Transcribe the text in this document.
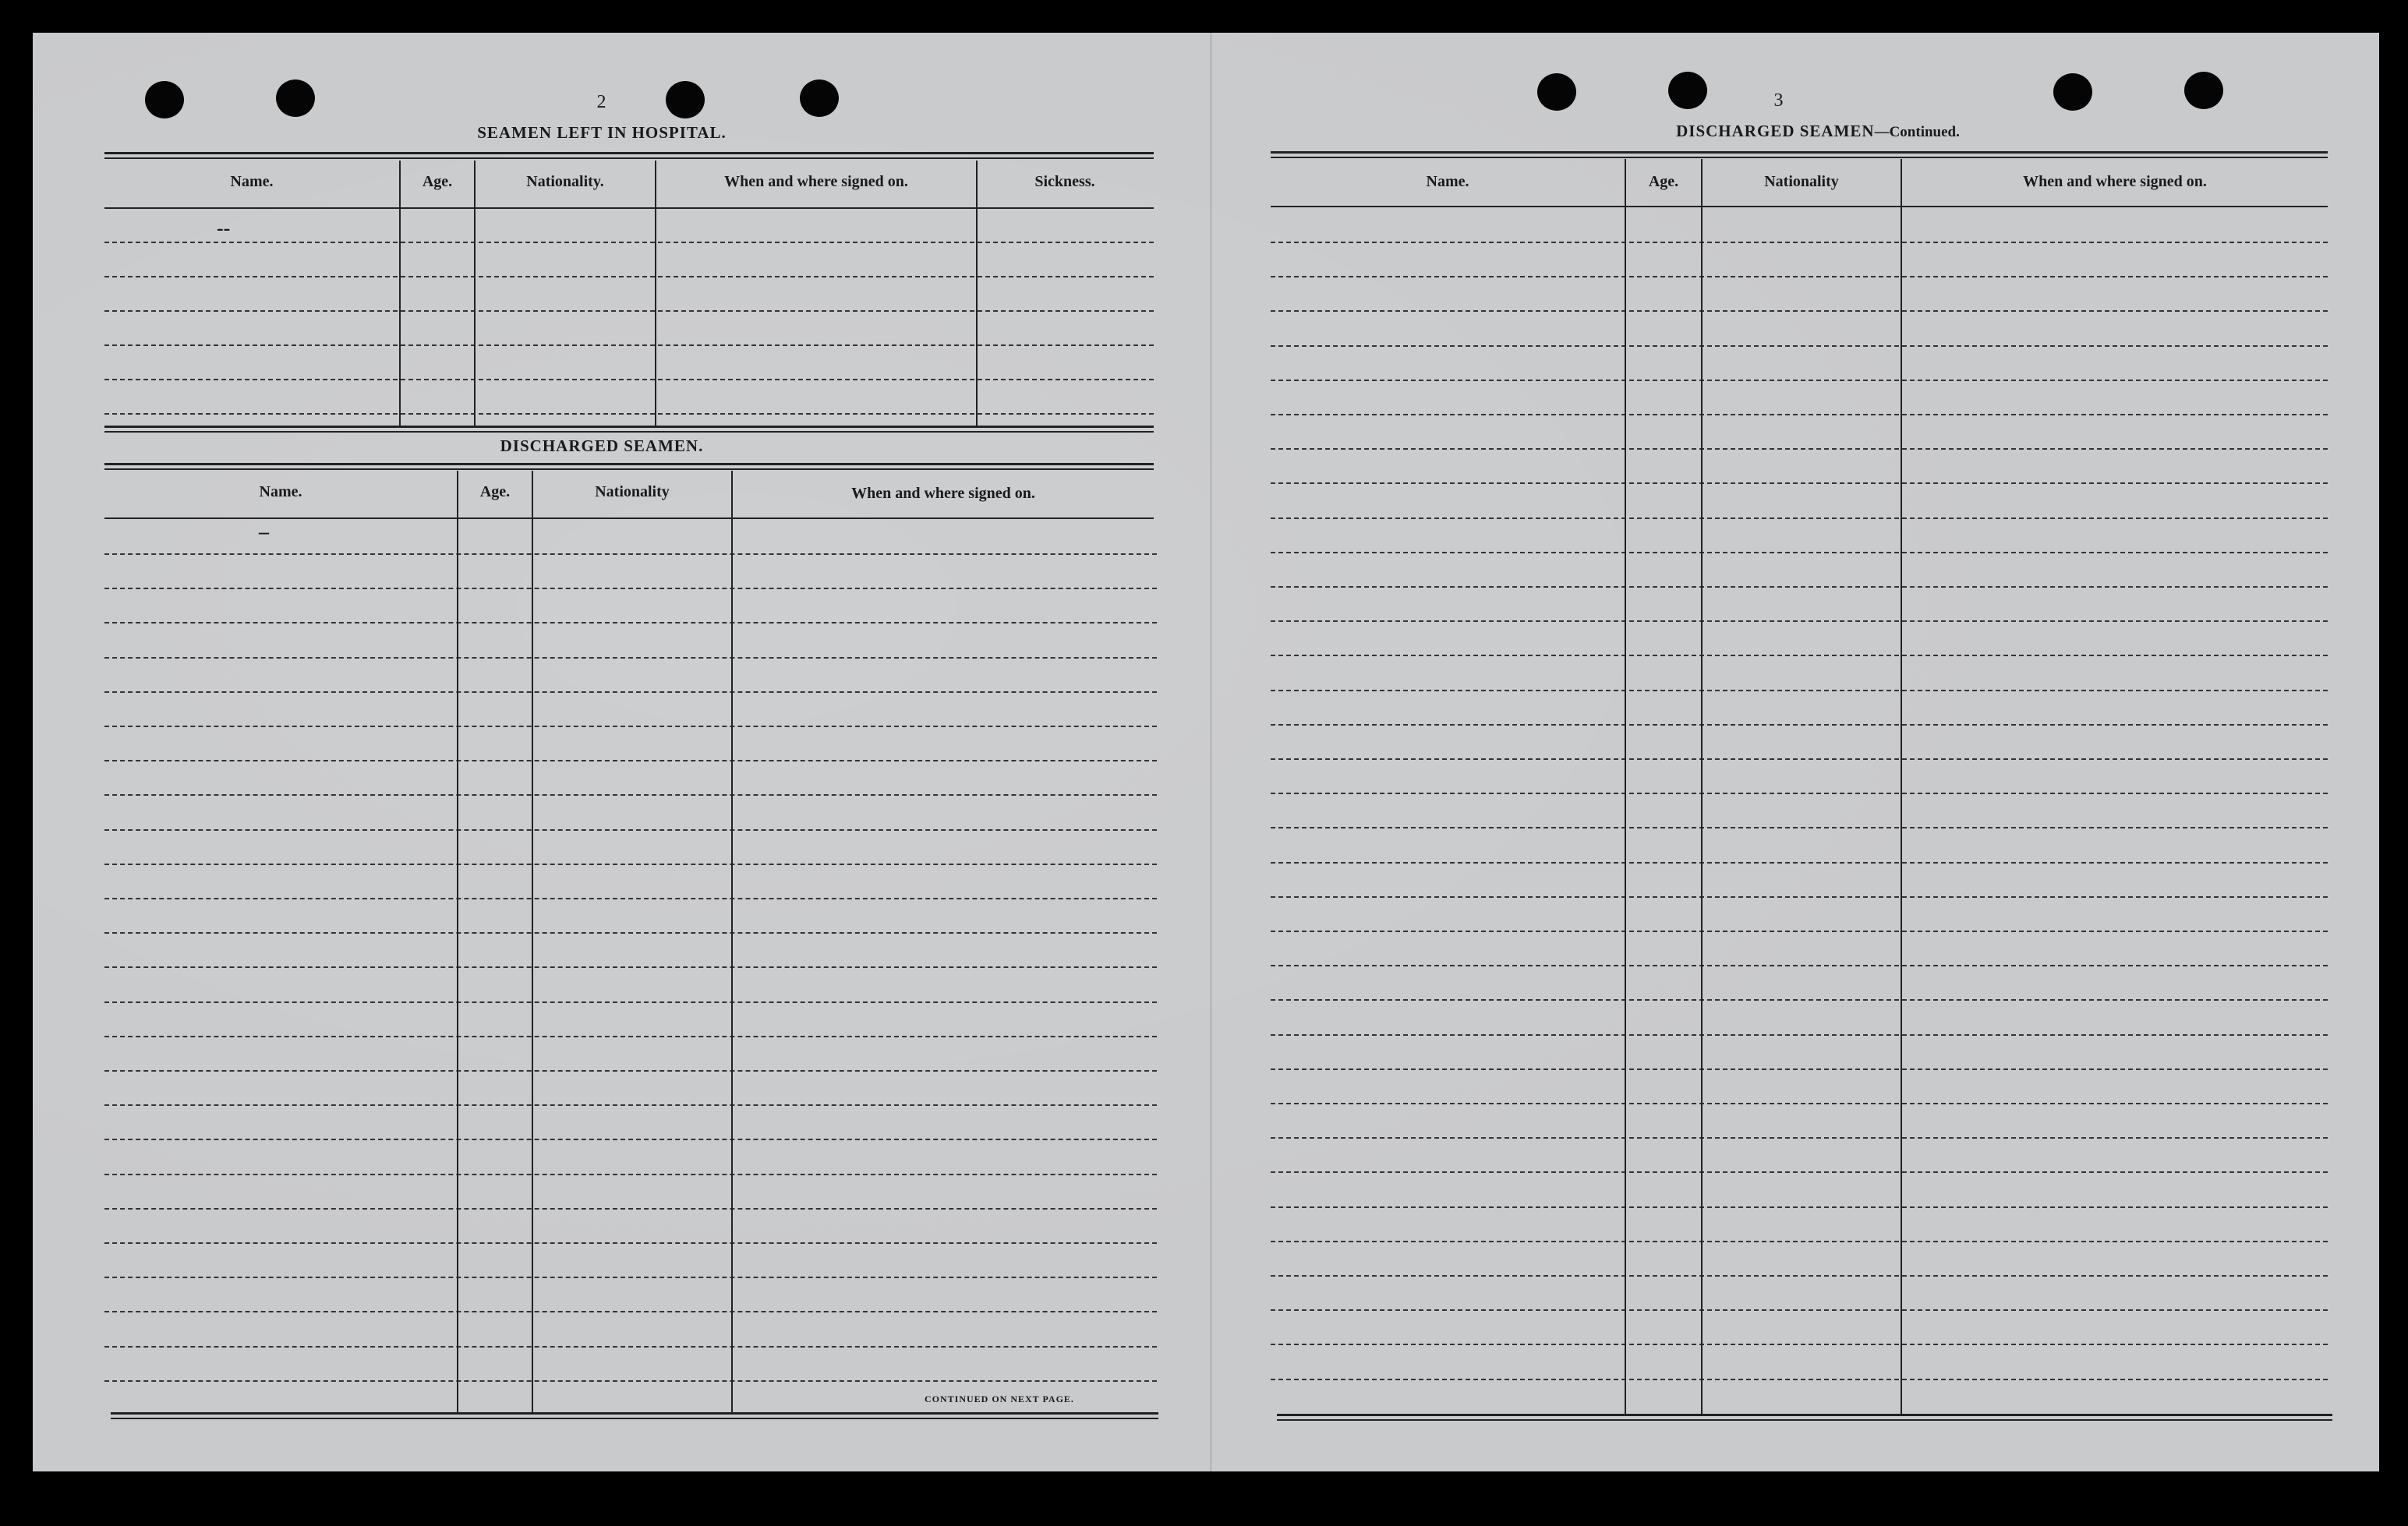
2
SEAMEN LEFT IN HOSPITAL.
Name.	Age.	Nationality.	When and where signed on.	Sickness.
--
DISCHARGED SEAMEN.
Name.	Age.	Nationality	When and where signed on.
–
CONTINUED ON NEXT PAGE.
3
DISCHARGED SEAMEN—Continued.
Name.	Age.	Nationality	When and where signed on.
